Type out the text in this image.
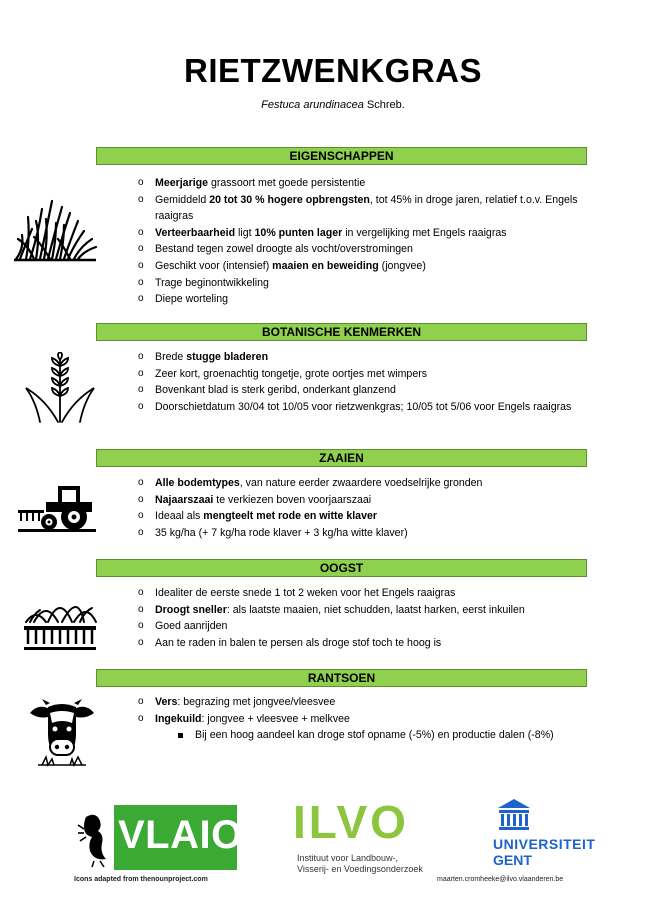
RIETZWENKGRAS
Festuca arundinacea Schreb.
EIGENSCHAPPEN
o Meerjarige grassoort met goede persistentie
o Gemiddeld 20 tot 30 % hogere opbrengsten, tot 45% in droge jaren, relatief t.o.v. Engels raaigras
o Verteerbaarheid ligt 10% punten lager in vergelijking met Engels raaigras
o Bestand tegen zowel droogte als vocht/overstromingen
o Geschikt voor (intensief) maaien en beweiding (jongvee)
o Trage beginontwikkeling
o Diepe worteling
BOTANISCHE KENMERKEN
o Brede stugge bladeren
o Zeer kort, groenachtig tongetje, grote oortjes met wimpers
o Bovenkant blad is sterk geribd, onderkant glanzend
o Doorschietdatum 30/04 tot 10/05 voor rietzwenkgras; 10/05 tot 5/06 voor Engels raaigras
ZAAIEN
o Alle bodemtypes, van nature eerder zwaardere voedselrijke gronden
o Najaarszaai te verkiezen boven voorjaarszaai
o Ideaal als mengteelt met rode en witte klaver
o 35 kg/ha (+ 7 kg/ha rode klaver + 3 kg/ha witte klaver)
OOGST
o Idealiter de eerste snede 1 tot 2 weken voor het Engels raaigras
o Droogt sneller: als laatste maaien, niet schudden, laatst harken, eerst inkuilen
o Goed aanrijden
o Aan te raden in balen te persen als droge stof toch te hoog is
RANTSOEN
o Vers: begrazing met jongvee/vleesvee
o Ingekuild: jongvee + vleesvee + melkvee
Bij een hoog aandeel kan droge stof opname (-5%) en productie dalen (-8%)
VLAIO ILVO
Instituut voor Landbouw-,
Visserij- en Voedingsonderzoek
UNIVERSITEIT
GENT
Icons adapted from thenounproject.com	maarten.cromheeke@ilvo.vlaanderen.be
